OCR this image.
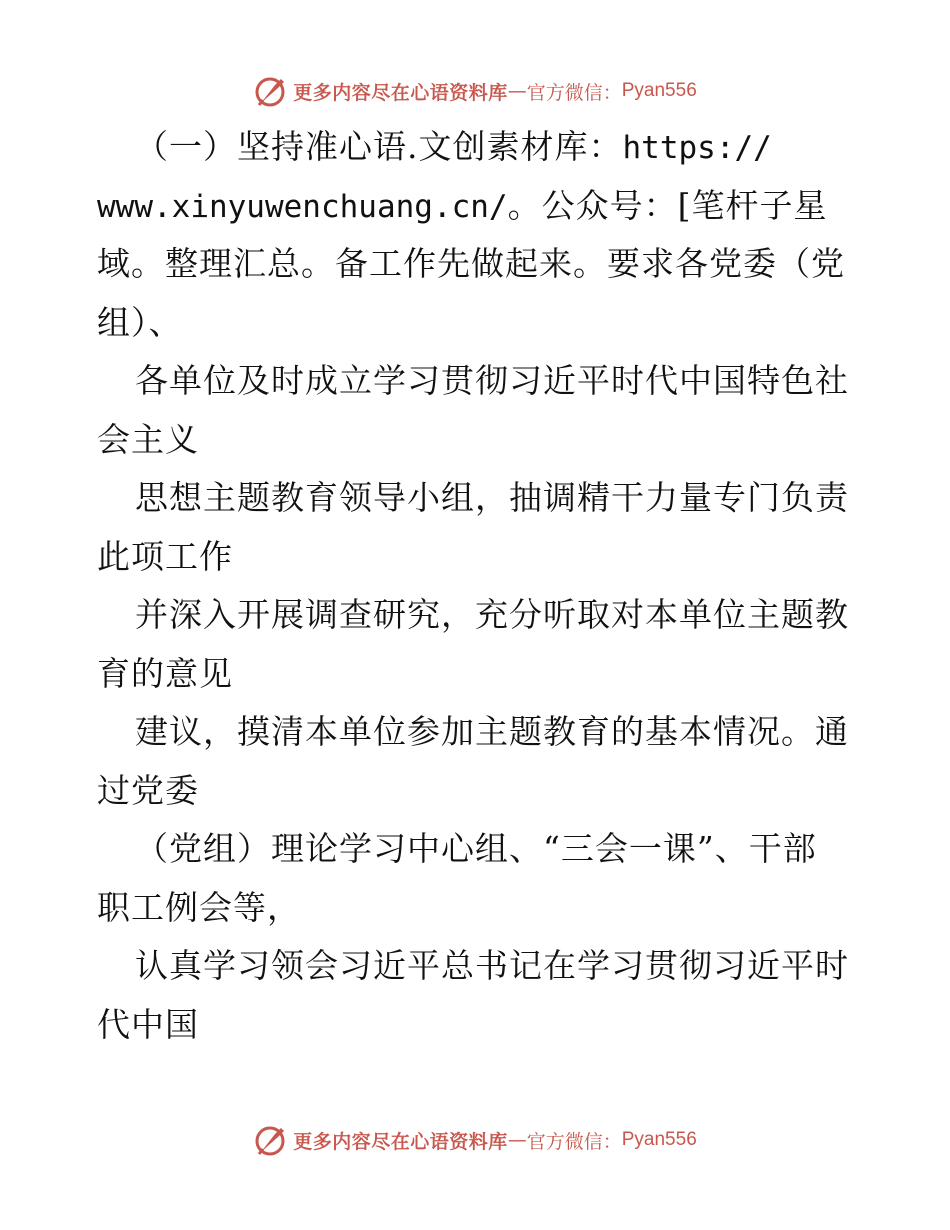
更多内容尽在心语资料库 — 官方微信： Pyan556
（一）坚持准心语.文创素材库：https://
www.xinyuwenchuang.cn/。公众号：[笔杆子星
域。整理汇总。备工作先做起来。要求各党委（党
组）、
各单位及时成立学习贯彻习近平时代中国特色社
会主义
思想主题教育领导小组，抽调精干力量专门负责
此项工作
并深入开展调查研究，充分听取对本单位主题教
育的意见
建议，摸清本单位参加主题教育的基本情况。通
过党委
（党组）理论学习中心组、“三会一课”、干部
职工例会等，
认真学习领会习近平总书记在学习贯彻习近平时
代中国
更多内容尽在心语资料库 — 官方微信： Pyan556
